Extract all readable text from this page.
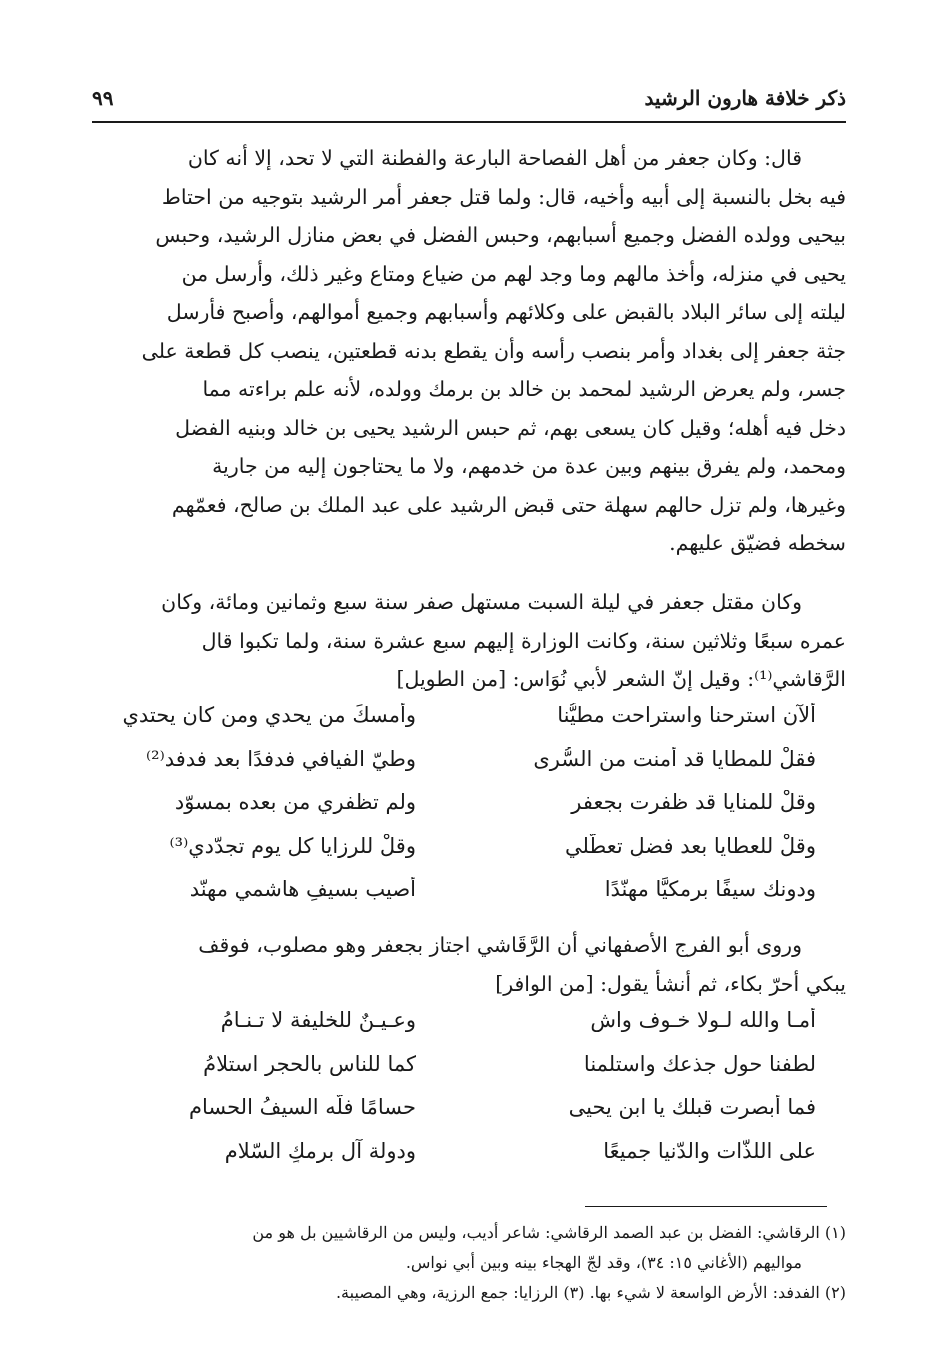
ذكر خلافة هارون الرشيد
٩٩
قال: وكان جعفر من أهل الفصاحة البارعة والفطنة التي لا تحد، إلا أنه كان
فيه بخل بالنسبة إلى أبيه وأخيه، قال: ولما قتل جعفر أمر الرشيد بتوجيه من احتاط
بيحيى وولده الفضل وجميع أسبابهم، وحبس الفضل في بعض منازل الرشيد، وحبس
يحيى في منزله، وأخذ مالهم وما وجد لهم من ضياع ومتاع وغير ذلك، وأرسل من
ليلته إلى سائر البلاد بالقبض على وكلائهم وأسبابهم وجميع أموالهم، وأصبح فأرسل
جثة جعفر إلى بغداد وأمر بنصب رأسه وأن يقطع بدنه قطعتين، ينصب كل قطعة على
جسر، ولم يعرض الرشيد لمحمد بن خالد بن برمك وولده، لأنه علم براءته مما
دخل فيه أهله؛ وقيل كان يسعى بهم، ثم حبس الرشيد يحيى بن خالد وبنيه الفضل
ومحمد، ولم يفرق بينهم وبين عدة من خدمهم، ولا ما يحتاجون إليه من جارية
وغيرها، ولم تزل حالهم سهلة حتى قبض الرشيد على عبد الملك بن صالح، فعمّهم
سخطه فضيّق عليهم.
وكان مقتل جعفر في ليلة السبت مستهل صفر سنة سبع وثمانين ومائة، وكان
عمره سبعًا وثلاثين سنة، وكانت الوزارة إليهم سبع عشرة سنة، ولما تكبوا قال
الرَّقاشي⁽¹⁾: وقيل إنّ الشعر لأبي نُوَاس: [من الطويل]
ألآن استرحنا واستراحت مطيُّنا
وأمسكَ من يحدي ومن كان يحتدي
فقلْ للمطايا قد أمنت من السُّرى
وطيّ الفيافي فدفدًا بعد فدفد⁽²⁾
وقلْ للمنايا قد ظفرت بجعفرٍ
ولم تظفري من بعده بمسوّد
وقلْ للعطايا بعد فضلٍ تعطّلي
وقلْ للرزايا كل يوم تجدّدي⁽³⁾
ودونك سيفًا برمكيًّا مهنّدًا
أصيب بسيفِ هاشمي مهنّد
وروى أبو الفرج الأصفهاني أن الرَّقَاشي اجتاز بجعفر وهو مصلوب، فوقف
يبكي أحرّ بكاء، ثم أنشأ يقول: [من الوافر]
أمـا والله لـولا خـوف واشٍ
وعـيـنٌ للخليفة لا تـنـامُ
لطفنا حول جذعك واستلمنا
كما للناس بالحجر استلامُ
فما أبصرت قبلك يا ابن يحيى
حسامًا فلّه السيفُ الحسام
على اللذّات والدّنيا جميعًا
ودولة آل برمكٍ السّلام
(١) الرقاشي: الفضل بن عبد الصمد الرقاشي: شاعر أديب، وليس من الرقاشيين بل هو من
مواليهم (الأغاني ١٥: ٣٤)، وقد لجّ الهجاء بينه وبين أبي نواس.
(٢) الفدفد: الأرض الواسعة لا شيء بها. (٣) الرزايا: جمع الرزية، وهي المصيبة.
